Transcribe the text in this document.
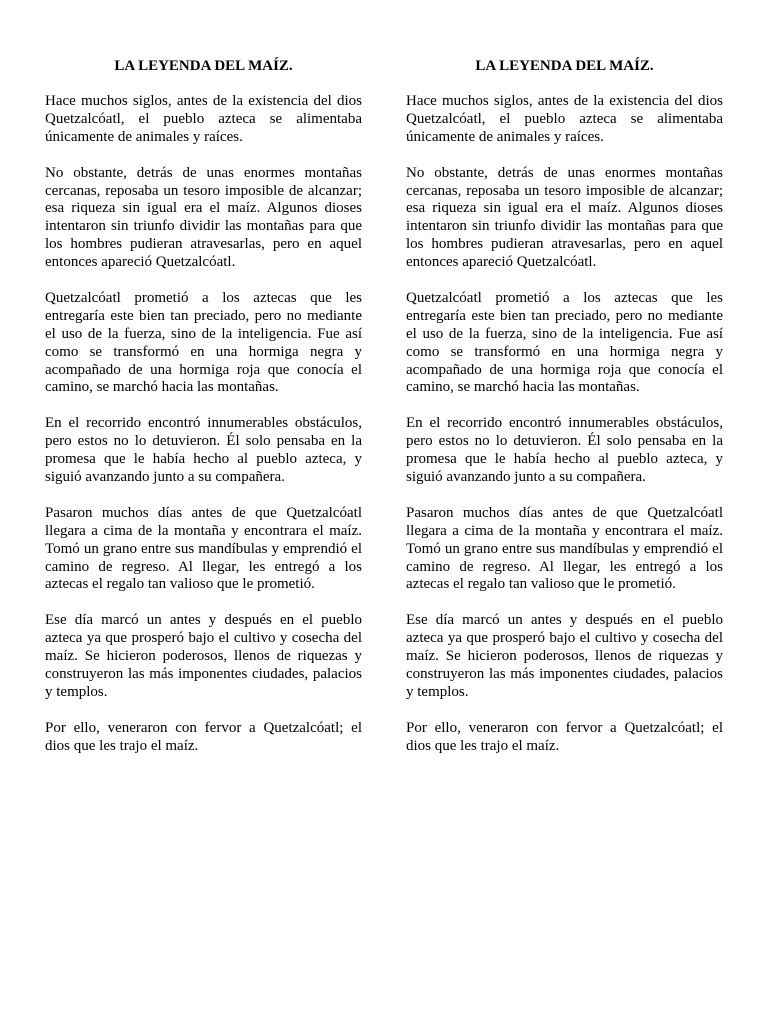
LA LEYENDA DEL MAÍZ.

Hace muchos siglos, antes de la existencia del dios Quetzalcóatl, el pueblo azteca se alimentaba únicamente de animales y raíces.

No obstante, detrás de unas enormes montañas cercanas, reposaba un tesoro imposible de alcanzar; esa riqueza sin igual era el maíz. Algunos dioses intentaron sin triunfo dividir las montañas para que los hombres pudieran atravesarlas, pero en aquel entonces apareció Quetzalcóatl.

Quetzalcóatl prometió a los aztecas que les entregaría este bien tan preciado, pero no mediante el uso de la fuerza, sino de la inteligencia. Fue así como se transformó en una hormiga negra y acompañado de una hormiga roja que conocía el camino, se marchó hacia las montañas.

En el recorrido encontró innumerables obstáculos, pero estos no lo detuvieron. Él solo pensaba en la promesa que le había hecho al pueblo azteca, y siguió avanzando junto a su compañera.

Pasaron muchos días antes de que Quetzalcóatl llegara a cima de la montaña y encontrara el maíz. Tomó un grano entre sus mandíbulas y emprendió el camino de regreso. Al llegar, les entregó a los aztecas el regalo tan valioso que le prometió.

Ese día marcó un antes y después en el pueblo azteca ya que prosperó bajo el cultivo y cosecha del maíz. Se hicieron poderosos, llenos de riquezas y construyeron las más imponentes ciudades, palacios y templos.

Por ello, veneraron con fervor a Quetzalcóatl; el dios que les trajo el maíz.

LA LEYENDA DEL MAÍZ.

Hace muchos siglos, antes de la existencia del dios Quetzalcóatl, el pueblo azteca se alimentaba únicamente de animales y raíces.

No obstante, detrás de unas enormes montañas cercanas, reposaba un tesoro imposible de alcanzar; esa riqueza sin igual era el maíz. Algunos dioses intentaron sin triunfo dividir las montañas para que los hombres pudieran atravesarlas, pero en aquel entonces apareció Quetzalcóatl.

Quetzalcóatl prometió a los aztecas que les entregaría este bien tan preciado, pero no mediante el uso de la fuerza, sino de la inteligencia. Fue así como se transformó en una hormiga negra y acompañado de una hormiga roja que conocía el camino, se marchó hacia las montañas.

En el recorrido encontró innumerables obstáculos, pero estos no lo detuvieron. Él solo pensaba en la promesa que le había hecho al pueblo azteca, y siguió avanzando junto a su compañera.

Pasaron muchos días antes de que Quetzalcóatl llegara a cima de la montaña y encontrara el maíz. Tomó un grano entre sus mandíbulas y emprendió el camino de regreso. Al llegar, les entregó a los aztecas el regalo tan valioso que le prometió.

Ese día marcó un antes y después en el pueblo azteca ya que prosperó bajo el cultivo y cosecha del maíz. Se hicieron poderosos, llenos de riquezas y construyeron las más imponentes ciudades, palacios y templos.

Por ello, veneraron con fervor a Quetzalcóatl; el dios que les trajo el maíz.
